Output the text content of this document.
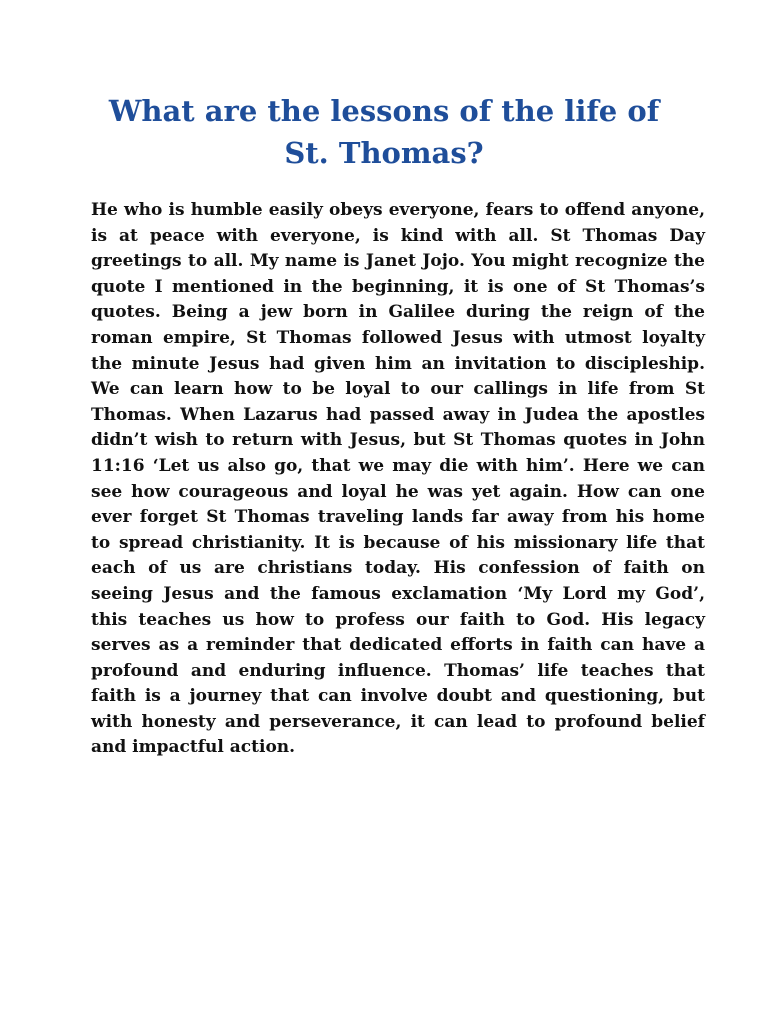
What are the lessons of the life of
St. Thomas?

He who is humble easily obeys everyone, fears to offend anyone, is at peace with everyone, is kind with all. St Thomas Day greetings to all. My name is Janet Jojo. You might recognize the quote I mentioned in the beginning, it is one of St Thomas’s quotes. Being a jew born in Galilee during the reign of the roman empire, St Thomas followed Jesus with utmost loyalty the minute Jesus had given him an invitation to discipleship. We can learn how to be loyal to our callings in life from St Thomas. When Lazarus had passed away in Judea the apostles didn’t wish to return with Jesus, but St Thomas quotes in John 11:16 ‘Let us also go, that we may die with him’. Here we can see how courageous and loyal he was yet again. How can one ever forget St Thomas traveling lands far away from his home to spread christianity. It is because of his missionary life that each of us are christians today. His confession of faith on seeing Jesus and the famous exclamation ‘My Lord my God’, this teaches us how to profess our faith to God. His legacy serves as a reminder that dedicated efforts in faith can have a profound and enduring influence. Thomas’ life teaches that faith is a journey that can involve doubt and questioning, but with honesty and perseverance, it can lead to profound belief and impactful action.
